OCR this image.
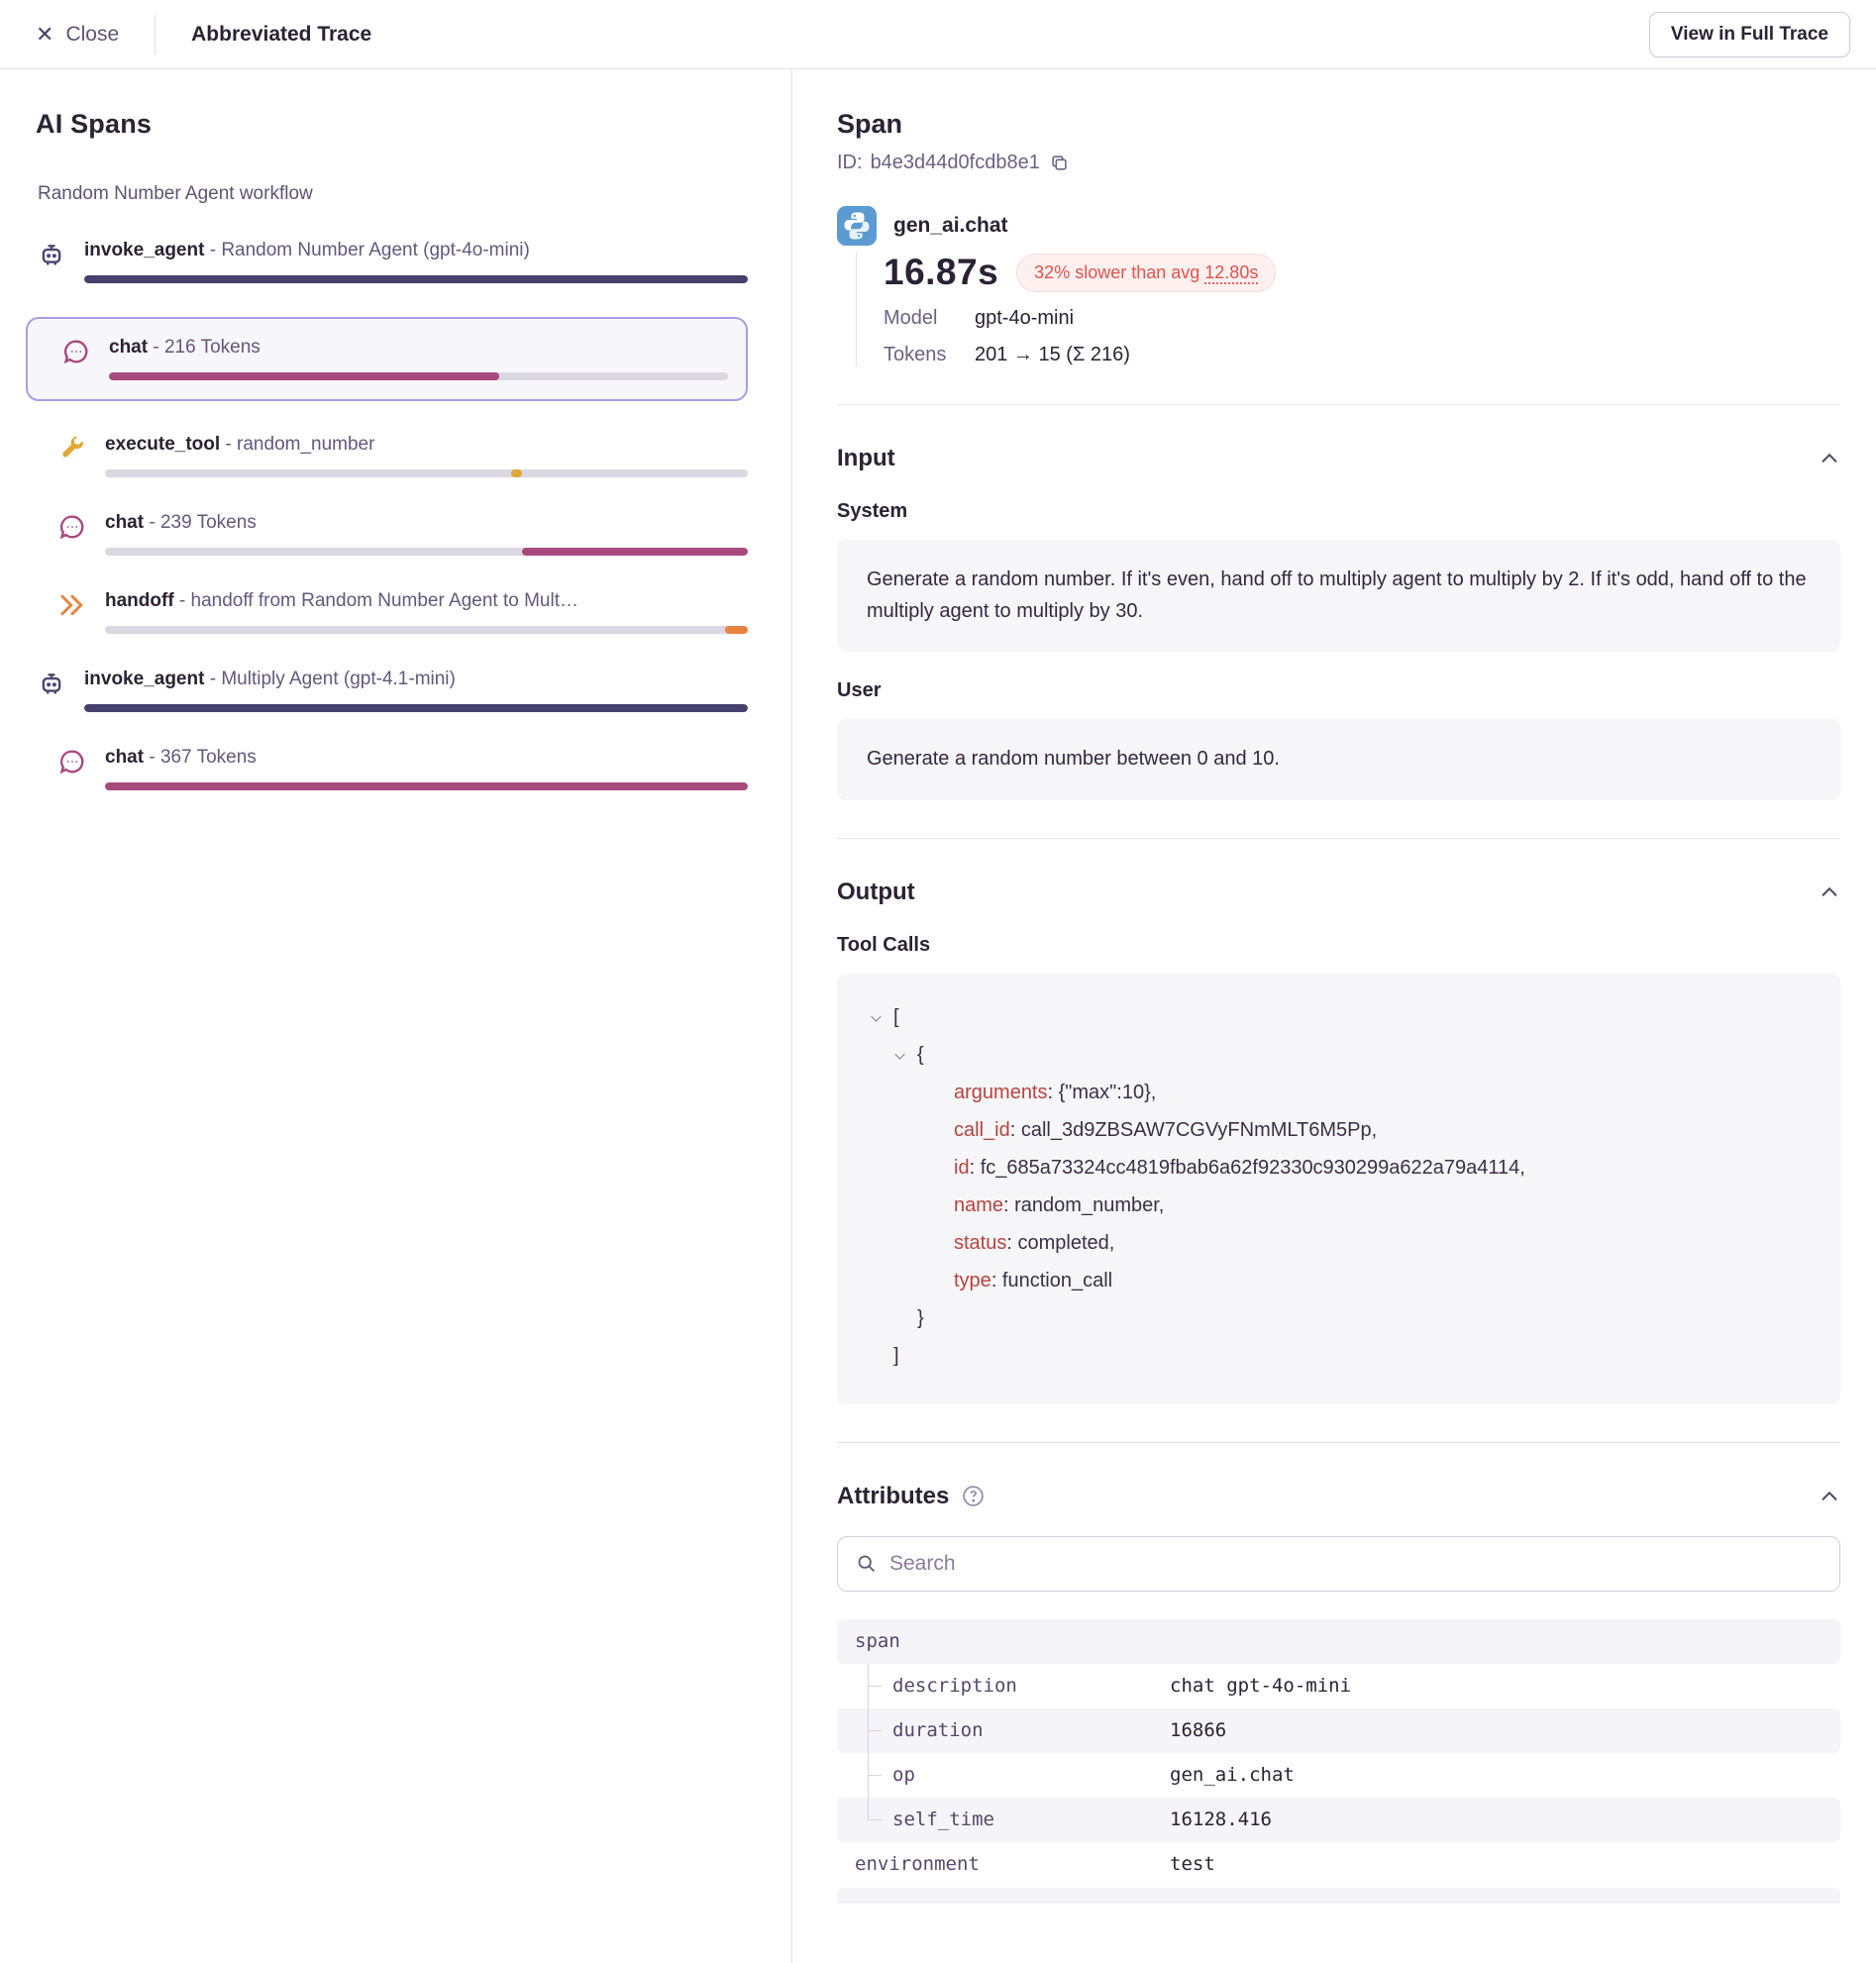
✕ Close	Abbreviated Trace	View in Full Trace
AI Spans
Random Number Agent workflow
invoke_agent - Random Number Agent (gpt-4o-mini)
chat - 216 Tokens
execute_tool - random_number
chat - 239 Tokens
handoff - handoff from Random Number Agent to Mult…
invoke_agent - Multiply Agent (gpt-4.1-mini)
chat - 367 Tokens
Span
ID: b4e3d44d0fcdb8e1
gen_ai.chat
16.87s	32% slower than avg 12.80s
Model	gpt-4o-mini
Tokens	201 → 15 (Σ 216)
Input
System
Generate a random number. If it's even, hand off to multiply agent to multiply by 2. If it's odd, hand off to the multiply agent to multiply by 30.
User
Generate a random number between 0 and 10.
Output
Tool Calls
[
{
arguments: {"max":10},
call_id: call_3d9ZBSAW7CGVyFNmMLT6M5Pp,
id: fc_685a73324cc4819fbab6a62f92330c930299a622a79a4114,
name: random_number,
status: completed,
type: function_call
}
]
Attributes
Search
span
description	chat gpt-4o-mini
duration	16866
op	gen_ai.chat
self_time	16128.416
environment	test
